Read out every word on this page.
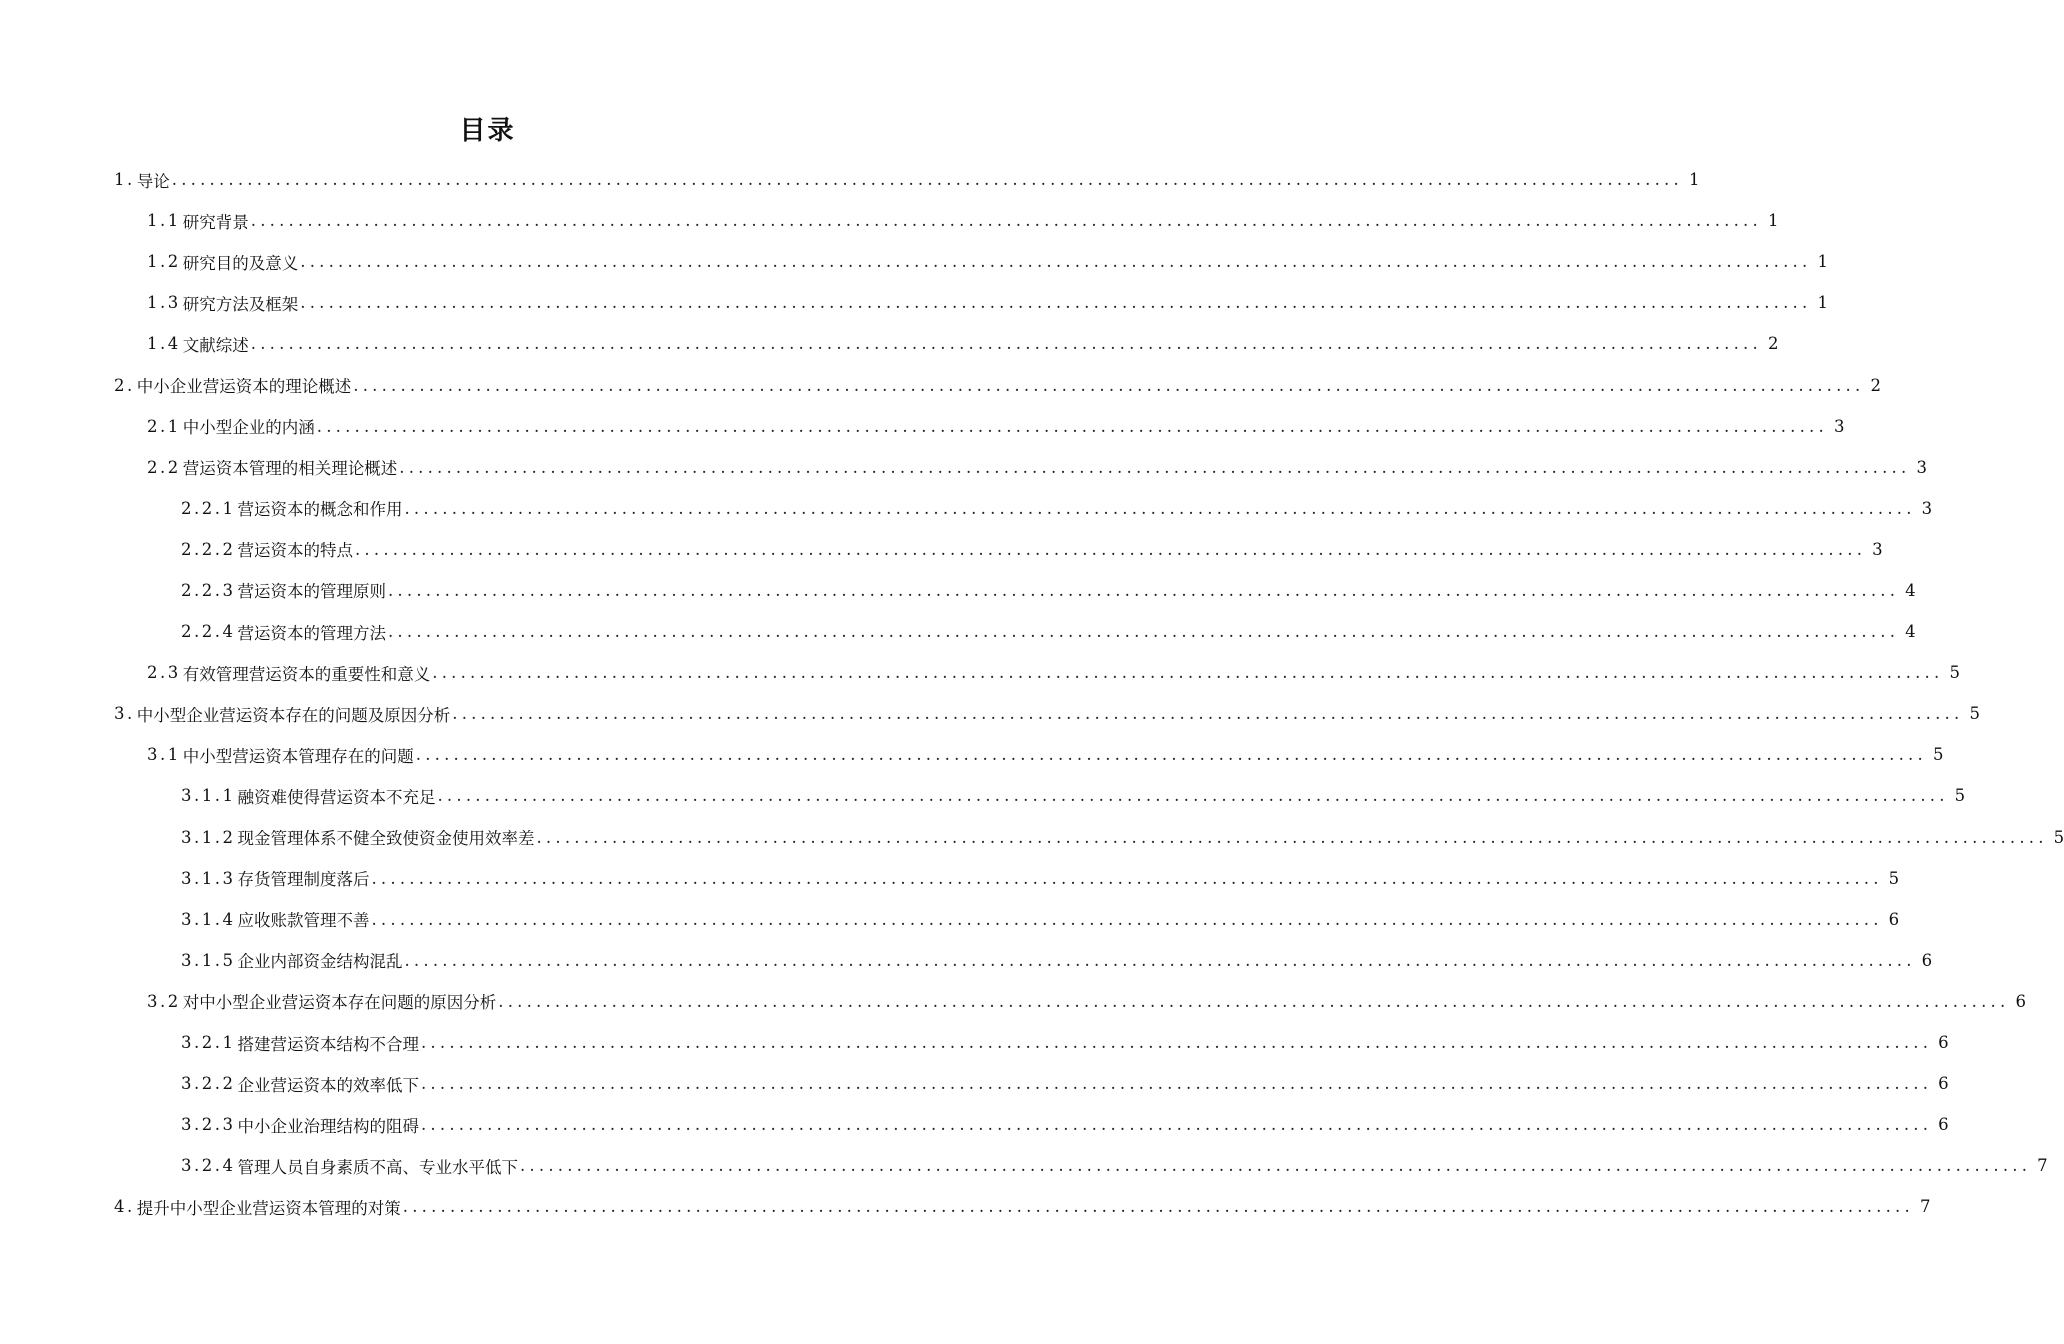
目录
1. 导论 ................................................................................................................................................................ 1
1.1 研究背景 ................................................................................................................................................................ 1
1.2 研究目的及意义 ................................................................................................................................................................ 1
1.3 研究方法及框架 ................................................................................................................................................................ 1
1.4 文献综述 ................................................................................................................................................................ 2
2. 中小企业营运资本的理论概述 ................................................................................................................................................................ 2
2.1 中小型企业的内涵 ................................................................................................................................................................ 3
2.2 营运资本管理的相关理论概述 ................................................................................................................................................................ 3
2.2.1 营运资本的概念和作用 ................................................................................................................................................................ 3
2.2.2 营运资本的特点 ................................................................................................................................................................ 3
2.2.3 营运资本的管理原则 ................................................................................................................................................................ 4
2.2.4 营运资本的管理方法 ................................................................................................................................................................ 4
2.3 有效管理营运资本的重要性和意义 ................................................................................................................................................................ 5
3. 中小型企业营运资本存在的问题及原因分析 ................................................................................................................................................................ 5
3.1 中小型营运资本管理存在的问题 ................................................................................................................................................................ 5
3.1.1 融资难使得营运资本不充足 ................................................................................................................................................................ 5
3.1.2 现金管理体系不健全致使资金使用效率差 ................................................................................................................................................................ 5
3.1.3 存货管理制度落后 ................................................................................................................................................................ 5
3.1.4 应收账款管理不善 ................................................................................................................................................................ 6
3.1.5 企业内部资金结构混乱 ................................................................................................................................................................ 6
3.2 对中小型企业营运资本存在问题的原因分析 ................................................................................................................................................................ 6
3.2.1 搭建营运资本结构不合理 ................................................................................................................................................................ 6
3.2.2 企业营运资本的效率低下 ................................................................................................................................................................ 6
3.2.3 中小企业治理结构的阻碍 ................................................................................................................................................................ 6
3.2.4 管理人员自身素质不高、专业水平低下 ................................................................................................................................................................ 7
4. 提升中小型企业营运资本管理的对策 ................................................................................................................................................................ 7
